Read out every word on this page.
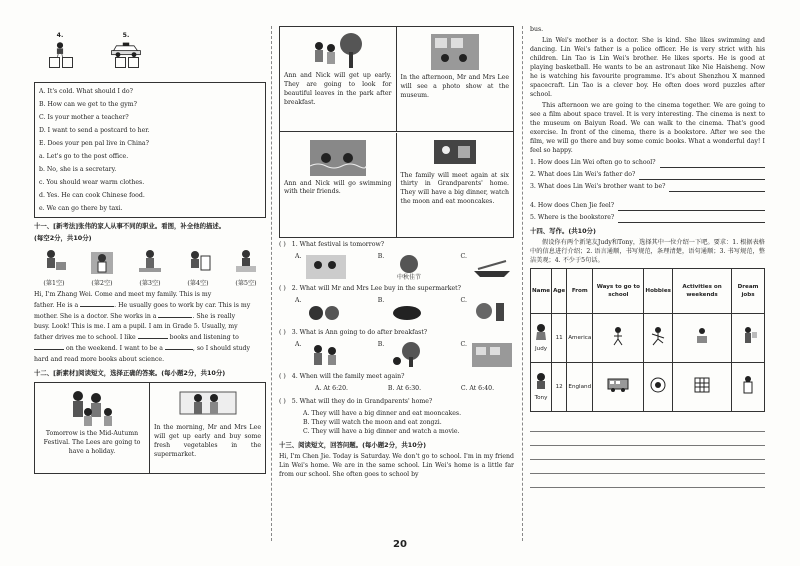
4.	5.
A. It's cold. What should I do?
B. How can we get to the gym?
C. Is your mother a teacher?
D. I want to send a postcard to her.
E. Does your pen pal live in China?
a. Let's go to the post office.
b. No, she is a secretary.
c. You should wear warm clothes.
d. Yes. He can cook Chinese food.
e. We can go there by taxi.
十一、[新考法]张伟的家人从事不同的职业。看图，补全他的描述。
(每空2分，共10分)
(第1空)	(第2空)	(第3空)	(第4空)	(第5空)

Hi, I'm Zhang Wei. Come and meet my family. This is my

father. He is a	. He usually goes to work by car. This is my

mother. She is a doctor. She works in a	. She is really

busy. Look! This is me. I am a pupil. I am in Grade 5. Usually, my

father drives me to school. I like	books and listening to

on the weekend. I want to be a	, so I should study

hard and read more books about science.

十二、[新素材]阅读短文，选择正确的答案。(每小题2分，共10分)

Tomorrow is the Mid-Autumn Festival. The Lees are going to have a holiday.

In the morning, Mr and Mrs Lee will get up early and buy some fresh vegetables in the supermarket.

Ann and Nick will get up early. They are going to look for beautiful leaves in the park after breakfast.

In the afternoon, Mr and Mrs Lee will see a photo show at the museum.

Ann and Nick will go swimming with their friends.

The family will meet again at six thirty in Grandparents' home. They will have a big dinner, watch the moon and eat mooncakes.

( ) 1. What festival is tomorrow?
A.	B.
中秋佳节
C.
( ) 2. What will Mr and Mrs Lee buy in the supermarket?
A.	B.	C.
( ) 3. What is Ann going to do after breakfast?
A.	B.	C.
( ) 4. When will the family meet again?
A. At 6:20.	B. At 6:30.	C. At 6:40.
( ) 5. What will they do in Grandparents' home?
A. They will have a big dinner and eat mooncakes.
B. They will watch the moon and eat zongzi.
C. They will have a big dinner and watch a movie.
十三、阅读短文，回答问题。(每小题2分，共10分)

Hi, I'm Chen Jie. Today is Saturday. We don't go to school. I'm in my friend Lin Wei's home. We are in the same school. Lin Wei's home is a little far from our school. She often goes to school by

bus.

Lin Wei's mother is a doctor. She is kind. She likes swimming and dancing. Lin Wei's father is a police officer. He is very strict with his children. Lin Tao is Lin Wei's brother. He likes sports. He is good at playing basketball. He wants to be an astronaut like Nie Haisheng. Now he is watching his favourite programme. It's about Shenzhou X manned spacecraft. Lin Tao is a clever boy. He often does word puzzles after school.

This afternoon we are going to the cinema together. We are going to see a film about space travel. It is very interesting. The cinema is next to the museum on Baiyun Road. We can walk to the cinema. That's good exercise. In front of the cinema, there is a bookstore. After we see the film, we will go there and buy some comic books. What a wonderful day! I feel so happy.

1. How does Lin Wei often go to school?
2. What does Lin Wei's father do?
3. What does Lin Wei's brother want to be?
4. How does Chen Jie feel?
5. Where is the bookstore?
十四、写作。(共10分)

假设你有两个新笔友Judy和Tony，选择其中一位介绍一下吧。要求：1. 根据表格中的信息进行介绍；2. 语言通顺，书写规范，条理清楚，语句通顺；3. 书写规范，整洁美观；4. 不少于5句话。

Name	Age	From	Ways to go to school	Hobbies	Activities on weekends	Dream jobs

Judy	11	America				

Tony	12	England				
20
